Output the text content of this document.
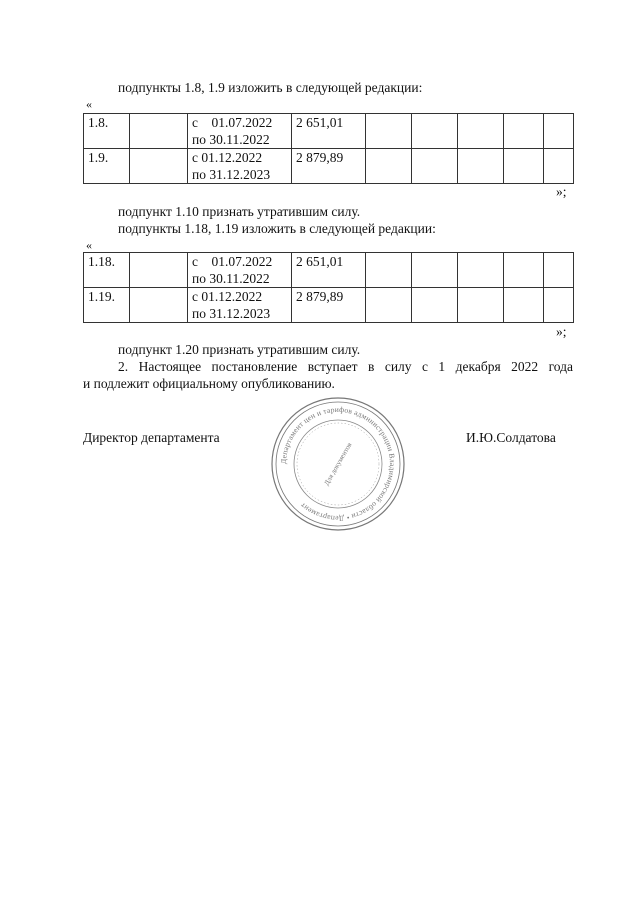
подпункты 1.8, 1.9 изложить в следующей редакции:
«
1.8.		с    01.07.2022
по 30.11.2022	2 651,01					
1.9.		с 01.12.2022
по 31.12.2023	2 879,89					
»;
подпункт 1.10 признать утратившим силу.
подпункты 1.18, 1.19 изложить в следующей редакции:
«
1.18.		с    01.07.2022
по 30.11.2022	2 651,01					
1.19.		с 01.12.2022
по 31.12.2023	2 879,89					
»;
подпункт 1.20 признать утратившим силу.
2. Настоящее постановление вступает в силу с 1 декабря 2022 года
и подлежит официальному опубликованию.
Директор департамента	И.Ю.Солдатова
Департамент цен и тарифов администрации Владимирской области • Департамент
Для документов
